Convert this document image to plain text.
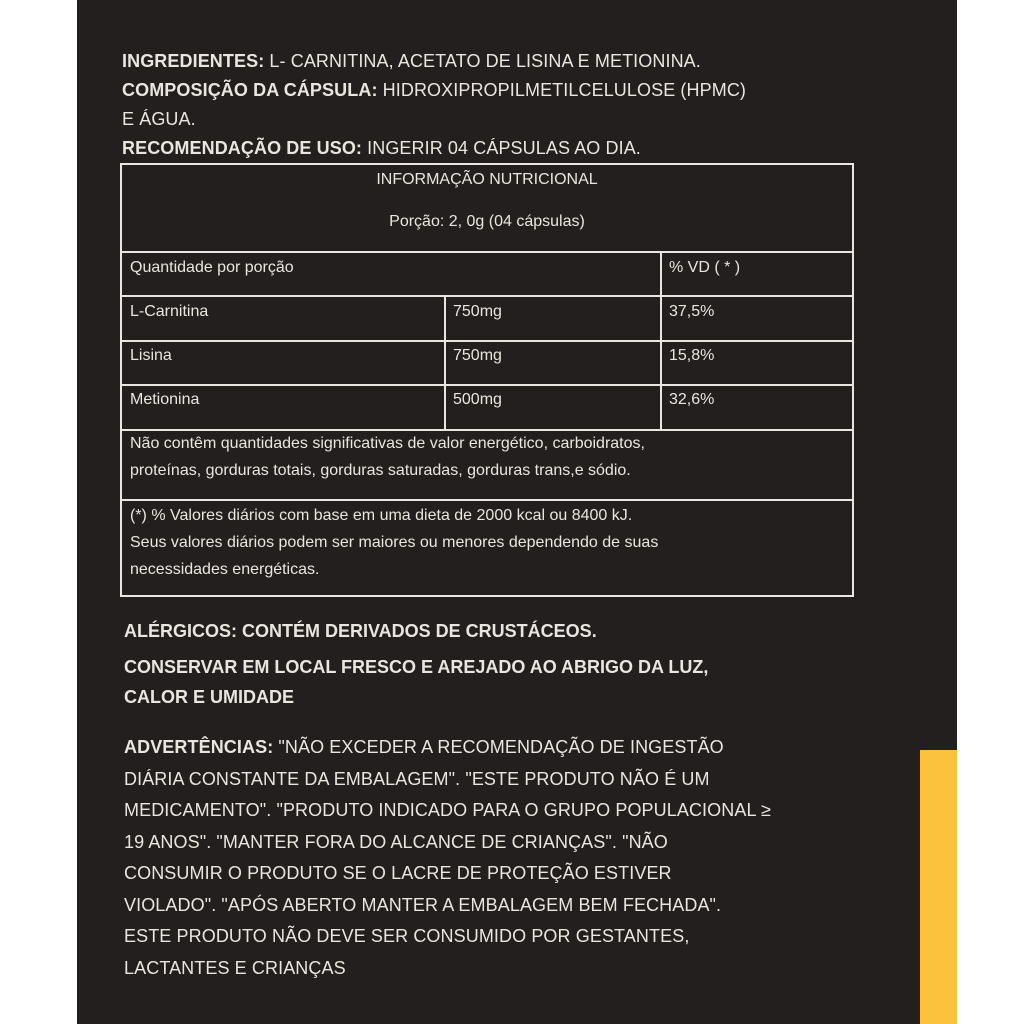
INGREDIENTES: L- CARNITINA, ACETATO DE LISINA E METIONINA.
COMPOSIÇÃO DA CÁPSULA: HIDROXIPROPILMETILCELULOSE (HPMC)
E ÁGUA.
RECOMENDAÇÃO DE USO: INGERIR 04 CÁPSULAS AO DIA.
INFORMAÇÃO NUTRICIONAL
Porção: 2, 0g (04 cápsulas)
Quantidade por porção	% VD ( * )
L-Carnitina	750mg	37,5%
Lisina	750mg	15,8%
Metionina	500mg	32,6%
Não contêm quantidades significativas de valor energético, carboidratos,
proteínas, gorduras totais, gorduras saturadas, gorduras trans,e sódio.
(*) % Valores diários com base em uma dieta de 2000 kcal ou 8400 kJ.
Seus valores diários podem ser maiores ou menores dependendo de suas
necessidades energéticas.
ALÉRGICOS: CONTÉM DERIVADOS DE CRUSTÁCEOS.
CONSERVAR EM LOCAL FRESCO E AREJADO AO ABRIGO DA LUZ,
CALOR E UMIDADE
ADVERTÊNCIAS: "NÃO EXCEDER A RECOMENDAÇÃO DE INGESTÃO
DIÁRIA CONSTANTE DA EMBALAGEM". "ESTE PRODUTO NÃO É UM
MEDICAMENTO". "PRODUTO INDICADO PARA O GRUPO POPULACIONAL ≥
19 ANOS". "MANTER FORA DO ALCANCE DE CRIANÇAS". "NÃO
CONSUMIR O PRODUTO SE O LACRE DE PROTEÇÃO ESTIVER
VIOLADO". "APÓS ABERTO MANTER A EMBALAGEM BEM FECHADA".
ESTE PRODUTO NÃO DEVE SER CONSUMIDO POR GESTANTES,
LACTANTES E CRIANÇAS
